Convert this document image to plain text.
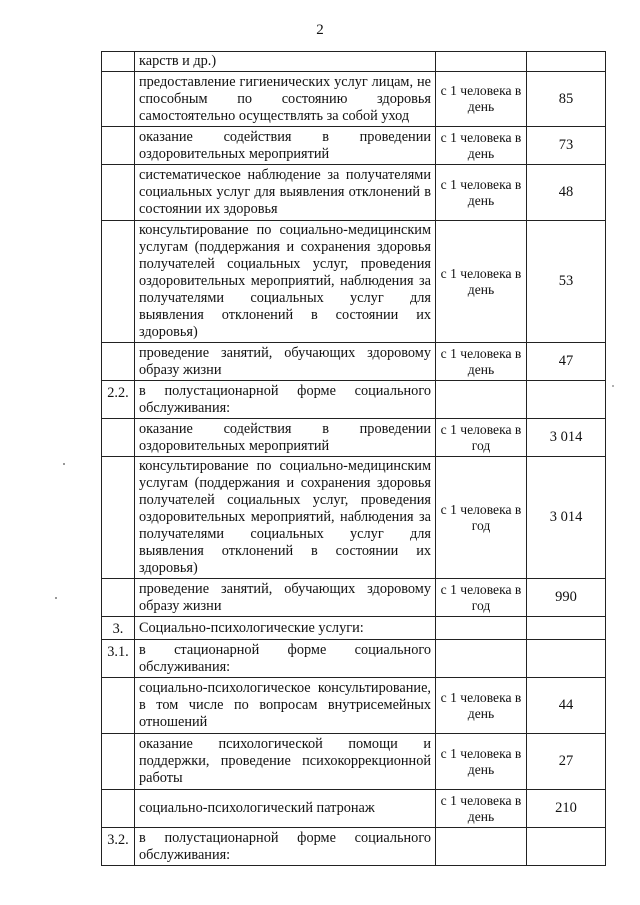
2
	карств и др.)		
	предоставление гигиенических услуг лицам, не способным по состоянию здоровья самостоятельно осуществлять за собой уход	с 1 человека в день	85
	оказание содействия в проведении оздоровительных мероприятий	с 1 человека в день	73
	систематическое наблюдение за получателями социальных услуг для выявления отклонений в состоянии их здоровья	с 1 человека в день	48
	консультирование по социально-медицинским услугам (поддержания и сохранения здоровья получателей социальных услуг, проведения оздоровительных мероприятий, наблюдения за получателями социальных услуг для выявления отклонений в состоянии их здоровья)	с 1 человека в день	53
	проведение занятий, обучающих здоровому образу жизни	с 1 человека в день	47
2.2.	в полустационарной форме социального обслуживания:		
	оказание содействия в проведении оздоровительных мероприятий	с 1 человека в год	3 014
	консультирование по социально-медицинским услугам (поддержания и сохранения здоровья получателей социальных услуг, проведения оздоровительных мероприятий, наблюдения за получателями социальных услуг для выявления отклонений в состоянии их здоровья)	с 1 человека в год	3 014
	проведение занятий, обучающих здоровому образу жизни	с 1 человека в год	990
3.	Социально-психологические услуги:		
3.1.	в стационарной форме социального обслуживания:		
	социально-психологическое консультирование, в том числе по вопросам внутрисемейных отношений	с 1 человека в день	44
	оказание психологической помощи и поддержки, проведение психокоррекционной работы	с 1 человека в день	27
	социально-психологический патронаж	с 1 человека в день	210
3.2.	в полустационарной форме социального обслуживания:		
